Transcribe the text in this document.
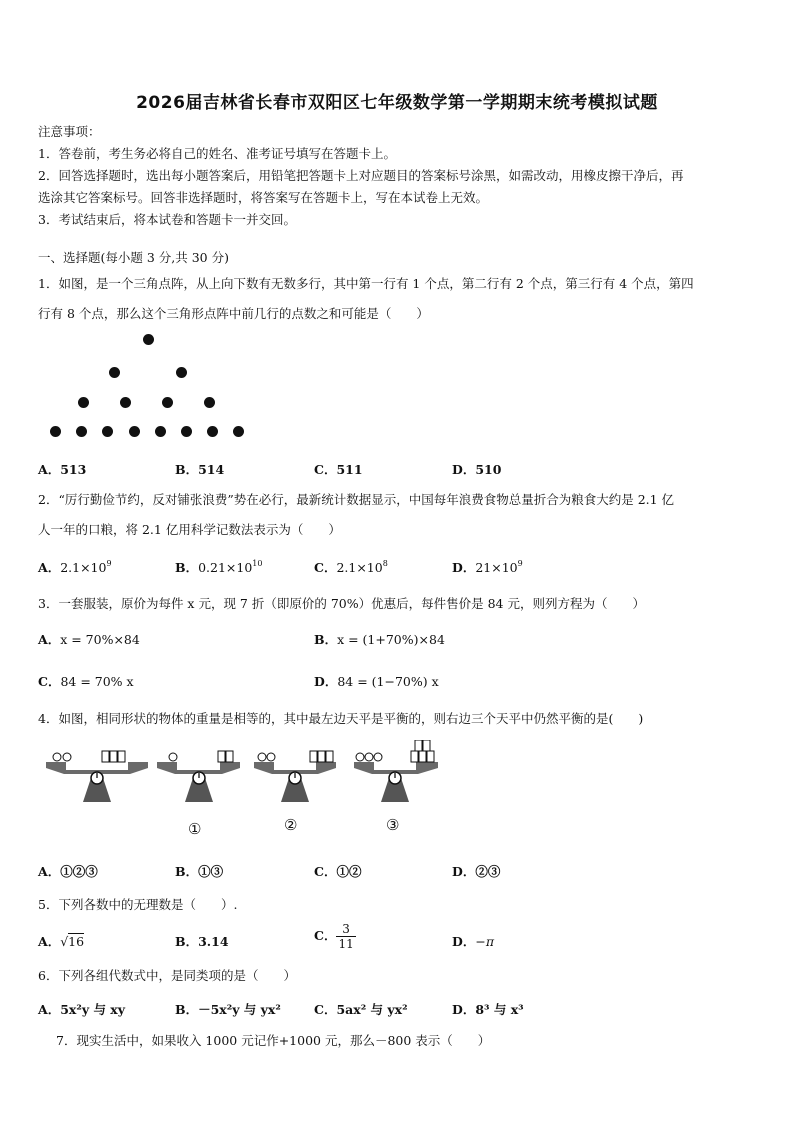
2026届吉林省长春市双阳区七年级数学第一学期期末统考模拟试题
注意事项：
1．答卷前，考生务必将自己的姓名、准考证号填写在答题卡上。
2．回答选择题时，选出每小题答案后，用铅笔把答题卡上对应题目的答案标号涂黑，如需改动，用橡皮擦干净后，再
选涂其它答案标号。回答非选择题时，将答案写在答题卡上，写在本试卷上无效。
3．考试结束后，将本试卷和答题卡一并交回。
一、选择题(每小题 3 分,共 30 分)
1．如图，是一个三角点阵，从上向下数有无数多行，其中第一行有 1 个点，第二行有 2 个点，第三行有 4 个点，第四
行有 8 个点，那么这个三角形点阵中前几行的点数之和可能是（　　）
A．513	B．514	C．511	D．510
2．“厉行勤俭节约，反对铺张浪费”势在必行，最新统计数据显示，中国每年浪费食物总量折合为粮食大约是 2.1 亿
人一年的口粮，将 2.1 亿用科学记数法表示为（　　）
A．$2.1\times 10^9$	B．$0.21\times 10^{10}$	C．$2.1\times 10^8$	D．$21\times 10^9$
3．一套服装，原价为每件 x 元，现 7 折（即原价的 70%）优惠后，每件售价是 84 元，则列方程为（　　）
A．x = 70%×84	B．x = (1+70%)×84
C．84 = 70% x	D．84 = (1−70%) x
4．如图，相同形状的物体的重量是相等的，其中最左边天平是平衡的，则右边三个天平中仍然平衡的是(　　)
①	②	③
A．①②③	B．①③	C．①②	D．②③
5．下列各数中的无理数是（　　）.
A．√16	B．3.14	C． $\frac{3}{11}$	D．−π
6．下列各组代数式中，是同类项的是（　　）
A．5x²y 与 xy	B．－5x²y 与 yx²	C．5ax² 与 yx²	D．8³ 与 x³
7．现实生活中，如果收入 1000 元记作+1000 元，那么－800 表示（　　）
